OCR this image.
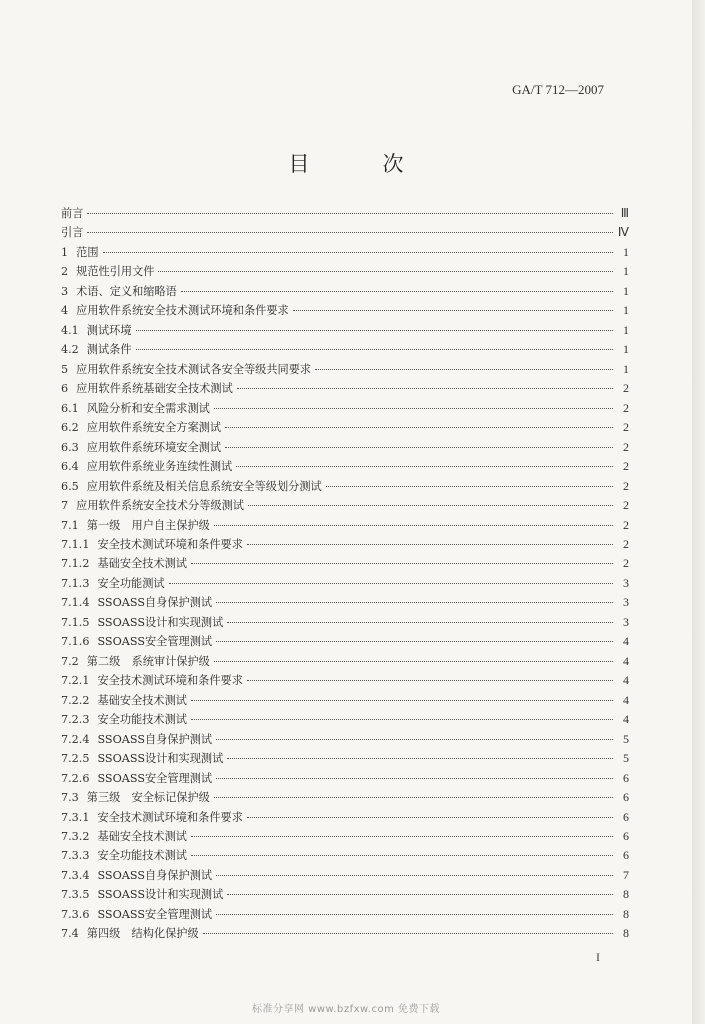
GA/T 712—2007
目　次
前言	Ⅲ
引言	Ⅳ
1 范围	1
2 规范性引用文件	1
3 术语、定义和缩略语	1
4 应用软件系统安全技术测试环境和条件要求	1
4.1 测试环境	1
4.2 测试条件	1
5 应用软件系统安全技术测试各安全等级共同要求	1
6 应用软件系统基础安全技术测试	2
6.1 风险分析和安全需求测试	2
6.2 应用软件系统安全方案测试	2
6.3 应用软件系统环境安全测试	2
6.4 应用软件系统业务连续性测试	2
6.5 应用软件系统及相关信息系统安全等级划分测试	2
7 应用软件系统安全技术分等级测试	2
7.1 第一级　用户自主保护级	2
7.1.1 安全技术测试环境和条件要求	2
7.1.2 基础安全技术测试	2
7.1.3 安全功能测试	3
7.1.4 SSOASS自身保护测试	3
7.1.5 SSOASS设计和实现测试	3
7.1.6 SSOASS安全管理测试	4
7.2 第二级　系统审计保护级	4
7.2.1 安全技术测试环境和条件要求	4
7.2.2 基础安全技术测试	4
7.2.3 安全功能技术测试	4
7.2.4 SSOASS自身保护测试	5
7.2.5 SSOASS设计和实现测试	5
7.2.6 SSOASS安全管理测试	6
7.3 第三级　安全标记保护级	6
7.3.1 安全技术测试环境和条件要求	6
7.3.2 基础安全技术测试	6
7.3.3 安全功能技术测试	6
7.3.4 SSOASS自身保护测试	7
7.3.5 SSOASS设计和实现测试	8
7.3.6 SSOASS安全管理测试	8
7.4 第四级　结构化保护级	8
I
标准分享网 www.bzfxw.com 免费下载
